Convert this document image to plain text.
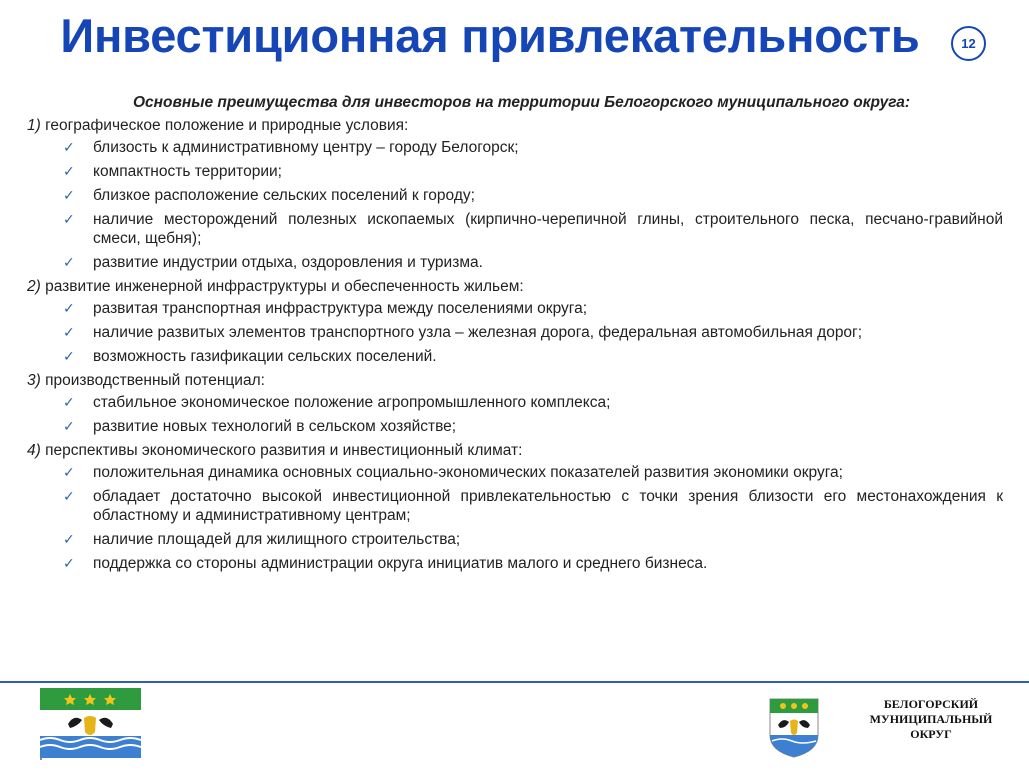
Инвестиционная привлекательность	12
Основные преимущества для инвесторов на территории Белогорского муниципального округа:
1) географическое положение и природные условия:
✓ близость к административному центру – городу Белогорск;
✓ компактность территории;
✓ близкое расположение сельских поселений к городу;
✓ наличие месторождений полезных ископаемых (кирпично-черепичной глины, строительного песка, песчано-гравийной смеси, щебня);
✓ развитие индустрии отдыха, оздоровления и туризма.
2) развитие инженерной инфраструктуры и обеспеченность жильем:
✓ развитая транспортная инфраструктура между поселениями округа;
✓ наличие развитых элементов транспортного узла – железная дорога, федеральная автомобильная дорог;
✓ возможность газификации сельских поселений.
3) производственный потенциал:
✓ стабильное экономическое положение агропромышленного комплекса;
✓ развитие новых технологий в сельском хозяйстве;
4) перспективы экономического развития и инвестиционный климат:
✓ положительная динамика основных социально-экономических показателей развития экономики округа;
✓ обладает достаточно высокой инвестиционной привлекательностью с точки зрения близости его местонахождения к областному и административному центрам;
✓ наличие площадей для жилищного строительства;
✓ поддержка со стороны администрации округа инициатив малого и среднего бизнеса.
БЕЛОГОРСКИЙ
МУНИЦИПАЛЬНЫЙ
ОКРУГ
